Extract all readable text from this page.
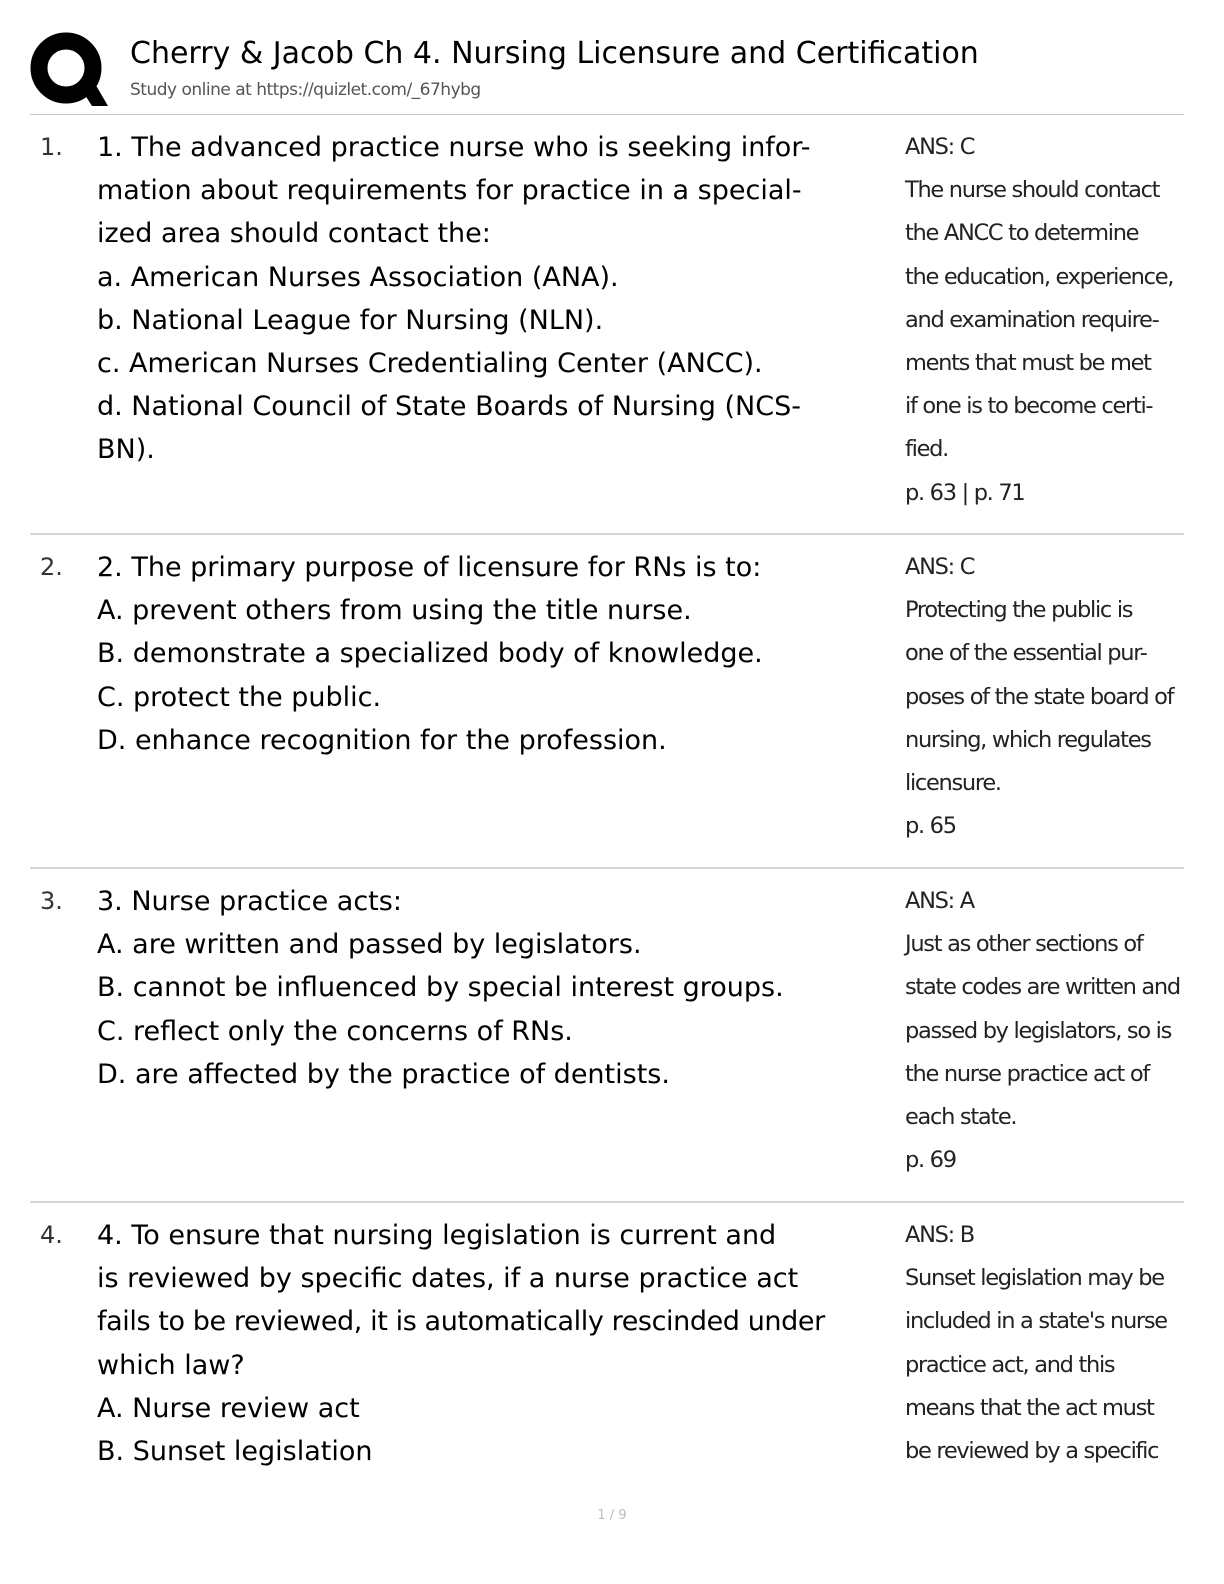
Cherry & Jacob Ch 4. Nursing Licensure and Certification
Study online at https://quizlet.com/_67hybg
1. 1. The advanced practice nurse who is seeking infor-
mation about requirements for practice in a special-
ized area should contact the:
a. American Nurses Association (ANA).
b. National League for Nursing (NLN).
c. American Nurses Credentialing Center (ANCC).
d. National Council of State Boards of Nursing (NCS-
BN).
ANS: C
The nurse should contact
the ANCC to determine
the education, experience,
and examination require-
ments that must be met
if one is to become certi-
fied.
p. 63 | p. 71
2. 2. The primary purpose of licensure for RNs is to:
A. prevent others from using the title nurse.
B. demonstrate a specialized body of knowledge.
C. protect the public.
D. enhance recognition for the profession.
ANS: C
Protecting the public is
one of the essential pur-
poses of the state board of
nursing, which regulates
licensure.
p. 65
3. 3. Nurse practice acts:
A. are written and passed by legislators.
B. cannot be influenced by special interest groups.
C. reflect only the concerns of RNs.
D. are affected by the practice of dentists.
ANS: A
Just as other sections of
state codes are written and
passed by legislators, so is
the nurse practice act of
each state.
p. 69
4. 4. To ensure that nursing legislation is current and
is reviewed by specific dates, if a nurse practice act
fails to be reviewed, it is automatically rescinded under
which law?
A. Nurse review act
B. Sunset legislation
ANS: B
Sunset legislation may be
included in a state's nurse
practice act, and this
means that the act must
be reviewed by a specific
1 / 9
